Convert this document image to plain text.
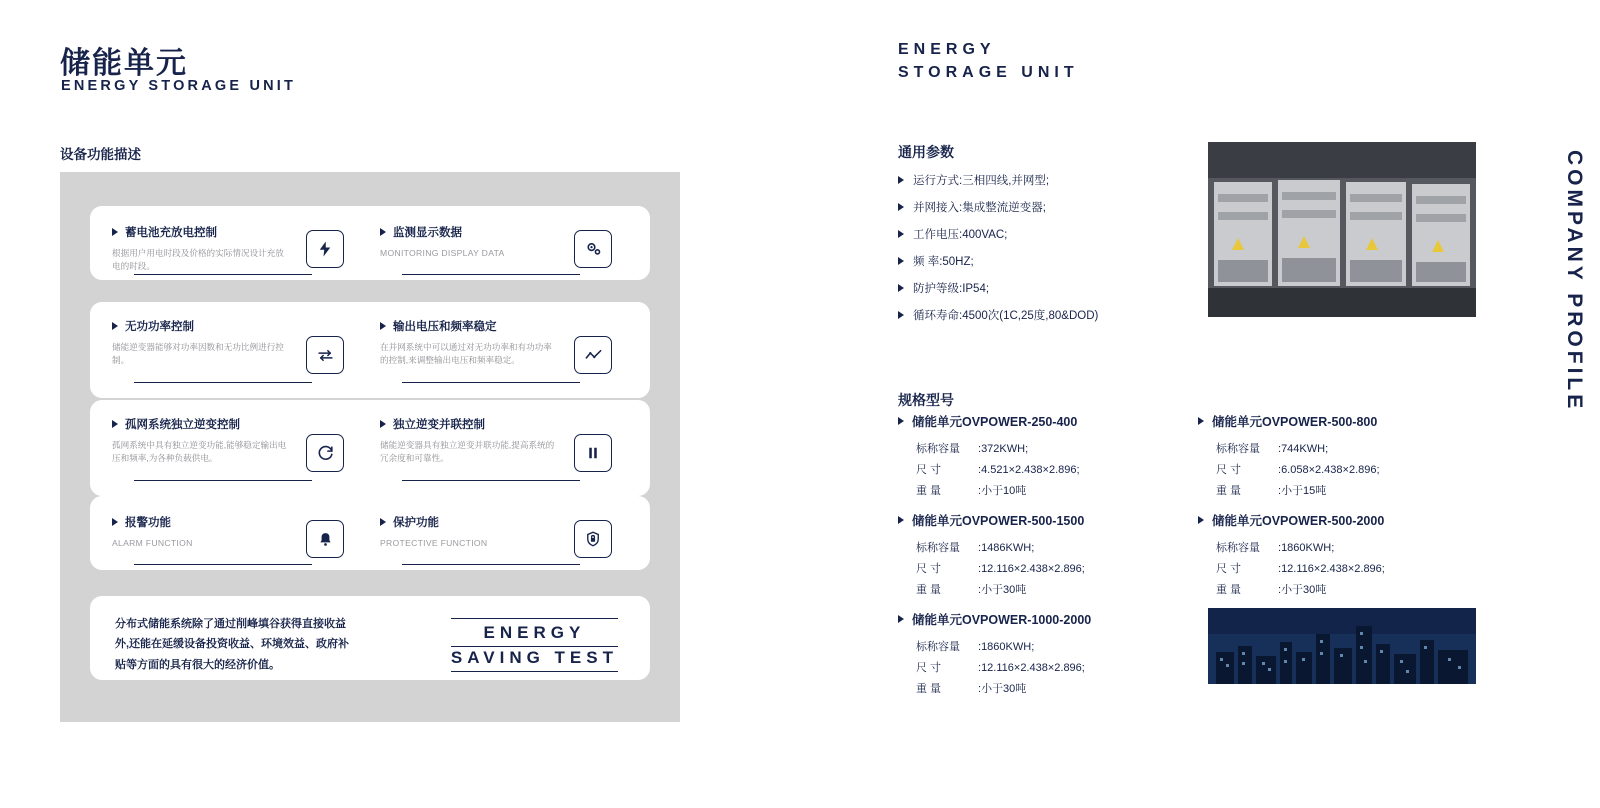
储能单元
ENERGY STORAGE UNIT
设备功能描述
蓄电池充放电控制
根据用户用电时段及价格的实际情况设计充放电的时段。
监测显示数据
MONITORING DISPLAY DATA
无功功率控制
储能逆变器能够对功率因数和无功比例进行控制。
输出电压和频率稳定
在并网系统中可以通过对无功功率和有功功率的控制,来调整输出电压和频率稳定。
孤网系统独立逆变控制
孤网系统中具有独立逆变功能,能够稳定输出电压和频率,为各种负载供电。
独立逆变并联控制
储能逆变器具有独立逆变并联功能,提高系统的冗余度和可靠性。
报警功能
ALARM FUNCTION
保护功能
PROTECTIVE FUNCTION
分布式储能系统除了通过削峰填谷获得直接收益外,还能在延缓设备投资收益、环境效益、政府补贴等方面的具有很大的经济价值。
ENERGY
SAVING TEST
ENERGY
STORAGE UNIT
通用参数
运行方式:三相四线,并网型;
并网接入:集成整流逆变器;
工作电压:400VAC;
频 率:50HZ;
防护等级:IP54;
循环寿命:4500次(1C,25度,80&DOD)	COMPANY PROFILE
规格型号
储能单元OVPOWER-250-400
标称容量 :372KWH;
尺 寸	:4.521×2.438×2.896;
重 量	:小于10吨
储能单元OVPOWER-500-800
标称容量 :744KWH;
尺 寸	:6.058×2.438×2.896;
重 量	:小于15吨
储能单元OVPOWER-500-1500
标称容量 :1486KWH;
尺 寸	:12.116×2.438×2.896;
重 量	:小于30吨
储能单元OVPOWER-500-2000
标称容量 :1860KWH;
尺 寸	:12.116×2.438×2.896;
重 量	:小于30吨
储能单元OVPOWER-1000-2000
标称容量 :1860KWH;
尺 寸	:12.116×2.438×2.896;
重 量	:小于30吨
